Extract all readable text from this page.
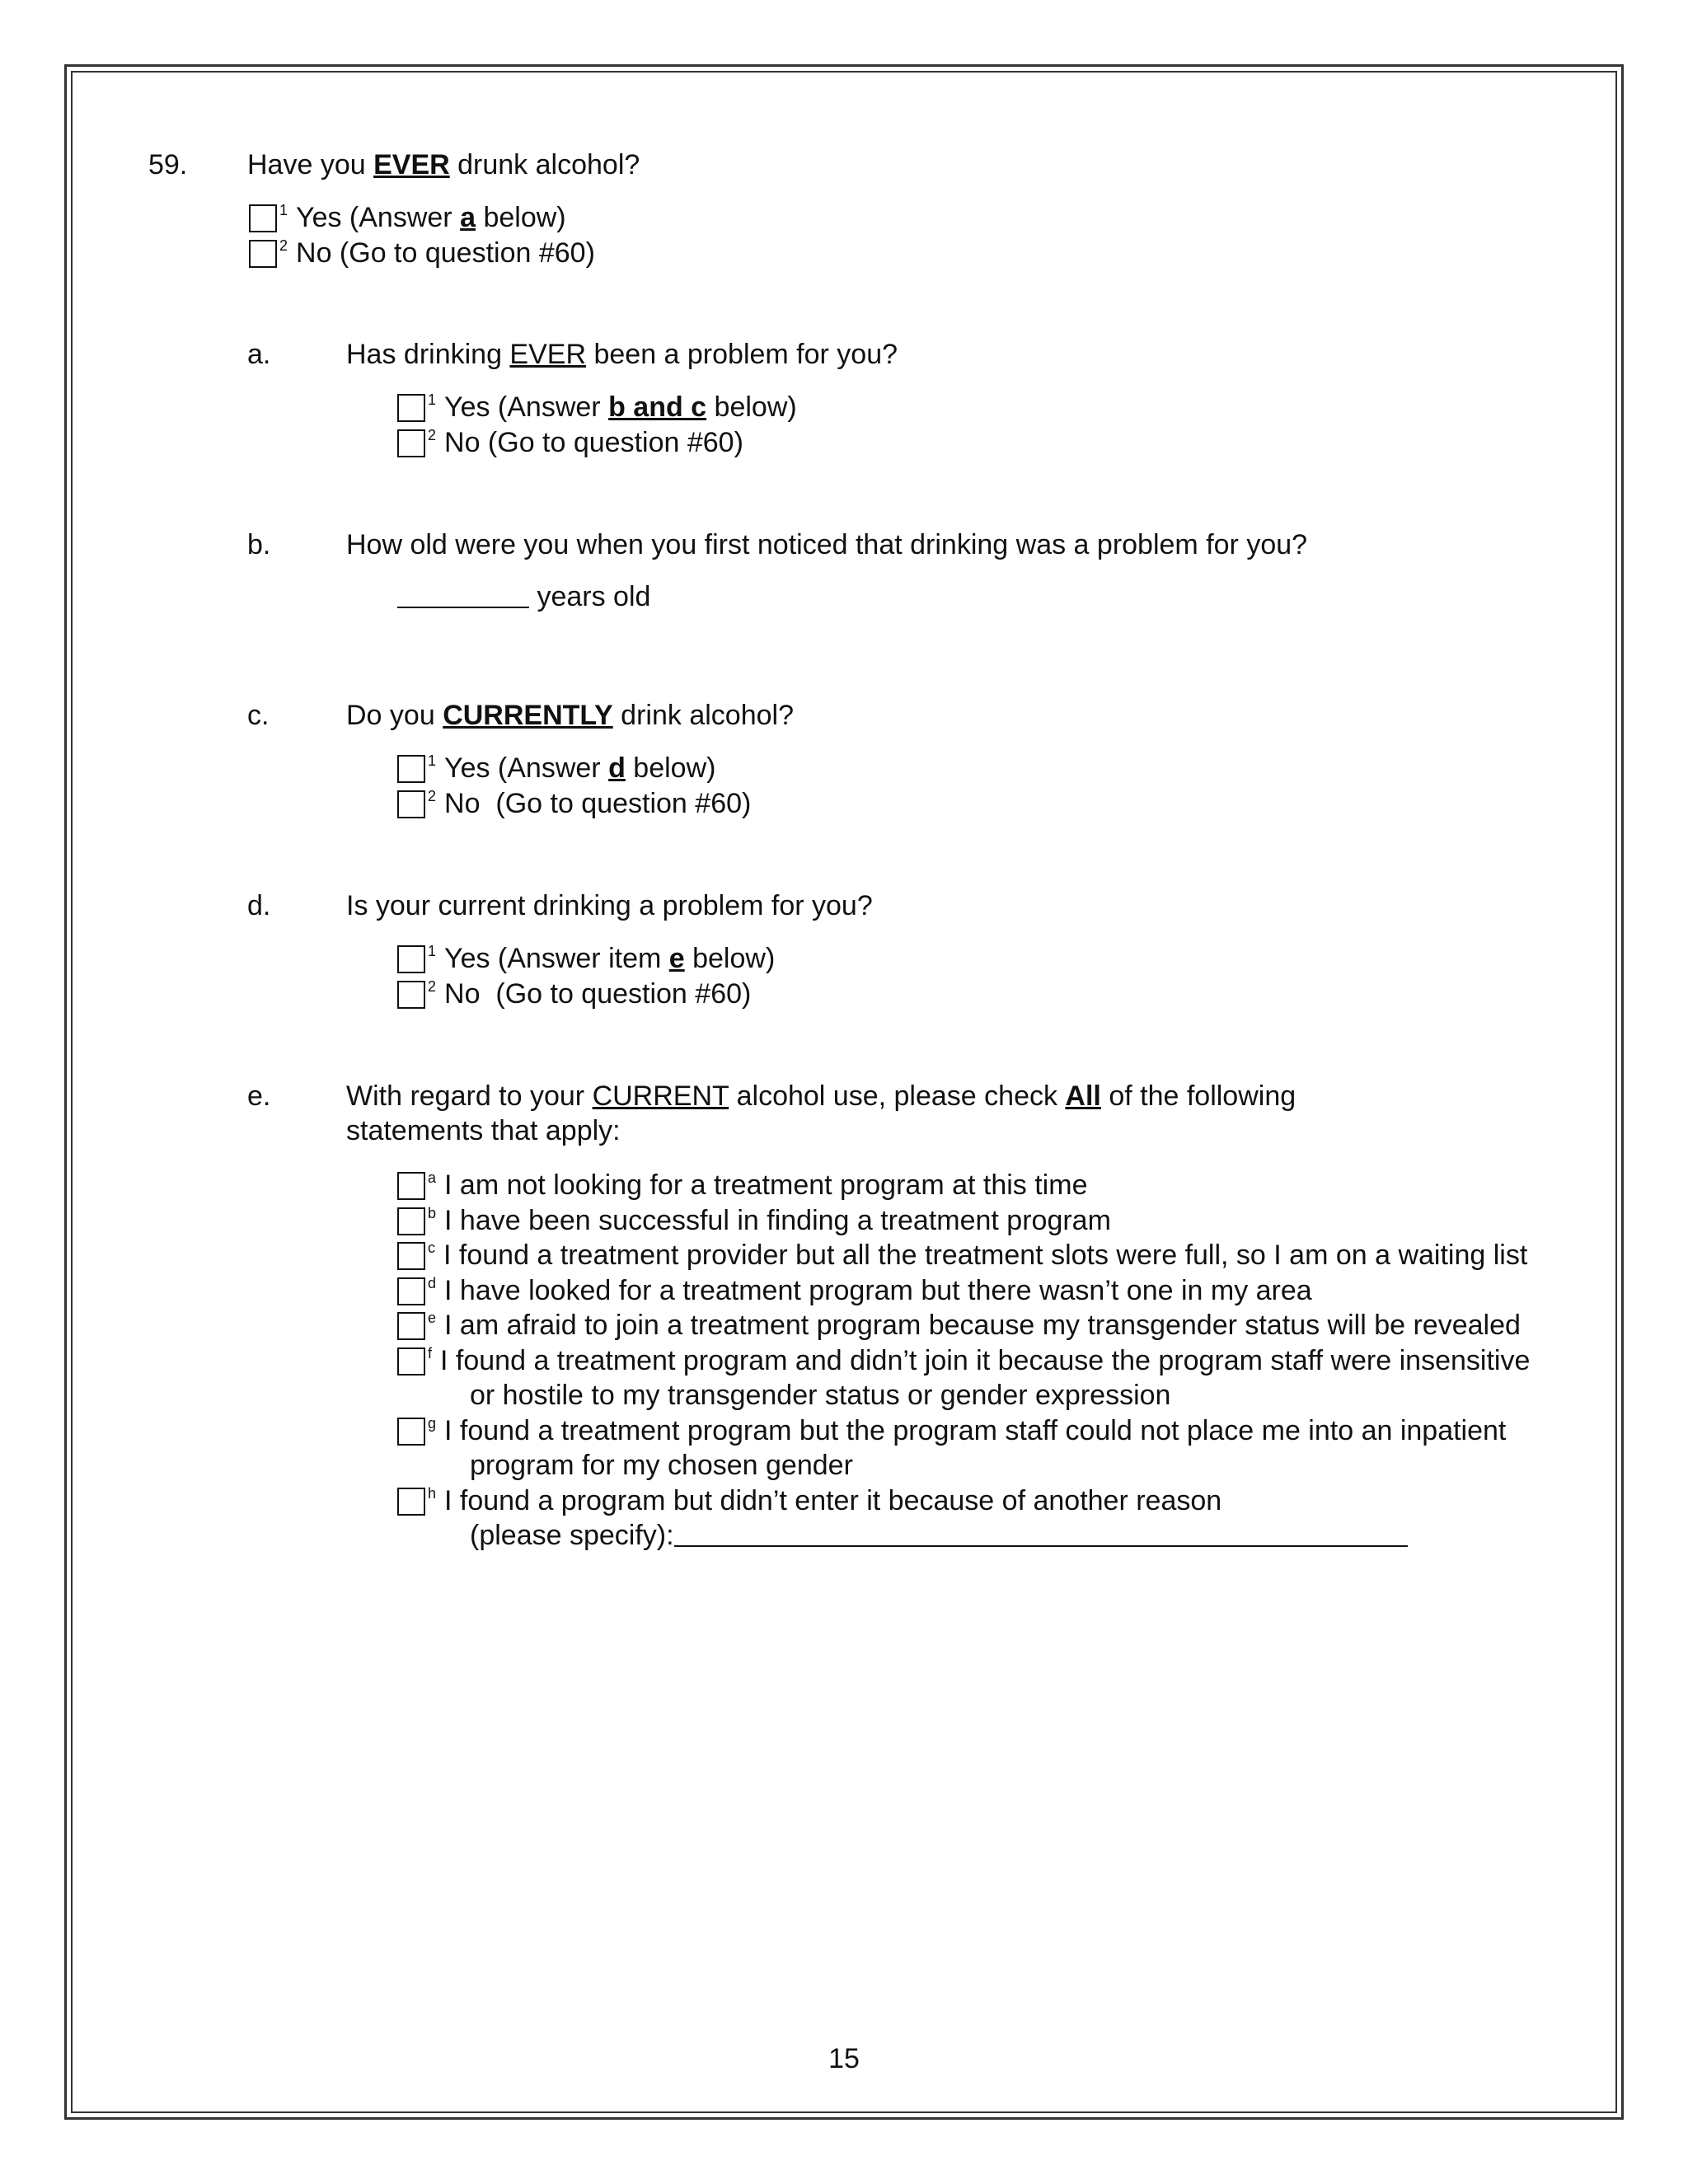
59. Have you EVER drunk alcohol?
1 Yes (Answer a below)
2 No (Go to question #60)
a.	Has drinking EVER been a problem for you?
1 Yes (Answer b and c below)
2 No (Go to question #60)
b.	How old were you when you first noticed that drinking was a problem for you?
years old
c.	Do you CURRENTLY drink alcohol?
1 Yes (Answer d below)
2 No  (Go to question #60)
d.	Is your current drinking a problem for you?
1 Yes (Answer item e below)
2 No  (Go to question #60)
e.	With regard to your CURRENT alcohol use, please check All of the following
statements that apply:
a I am not looking for a treatment program at this time
b I have been successful in finding a treatment program
c I found a treatment provider but all the treatment slots were full, so I am on a waiting list
d I have looked for a treatment program but there wasn’t one in my area
e I am afraid to join a treatment program because my transgender status will be revealed
f I found a treatment program and didn’t join it because the program staff were insensitive
or hostile to my transgender status or gender expression
g I found a treatment program but the program staff could not place me into an inpatient
program for my chosen gender
h I found a program but didn’t enter it because of another reason
(please specify):
15
